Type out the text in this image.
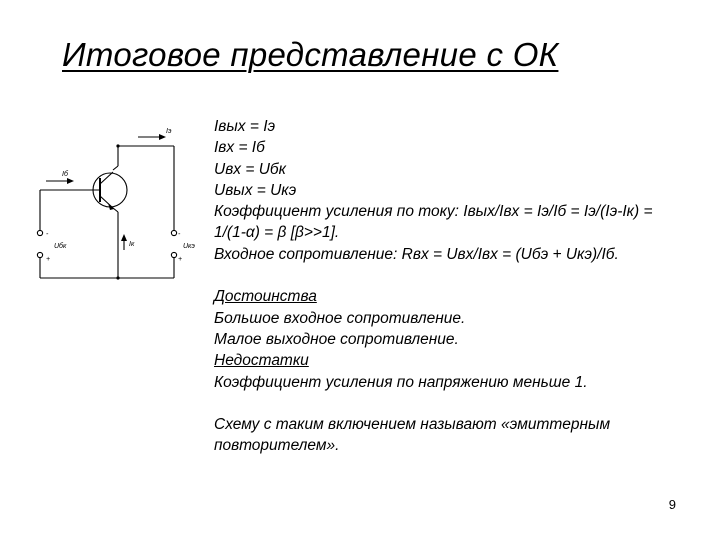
Итоговое представление с ОК
Iэ
Iб
Uбк	Uкэ
Iк
-
+
-
+

Iвых = Iэ

Iвх = Iб

Uвх = Uбк

Uвых = Uкэ

Коэффициент усиления по току: Iвых/Iвх = Iэ/Iб = Iэ/(Iэ-Iк) = 1/(1-α) = β [β>>1].

Входное сопротивление: Rвх = Uвх/Iвх = (Uбэ + Uкэ)/Iб.

Достоинства

Большое входное сопротивление.

Малое выходное сопротивление.

Недостатки

Коэффициент усиления по напряжению меньше 1.

Схему с таким включением называют «эмиттерным повторителем».

9
